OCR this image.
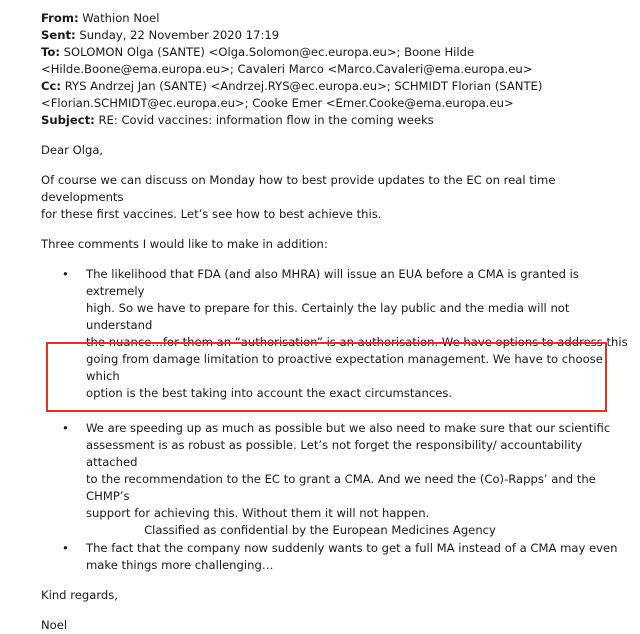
From: Wathion Noel
Sent: Sunday, 22 November 2020 17:19
To: SOLOMON Olga (SANTE) <Olga.Solomon@ec.europa.eu>; Boone Hilde
<Hilde.Boone@ema.europa.eu>; Cavaleri Marco <Marco.Cavaleri@ema.europa.eu>
Cc: RYS Andrzej Jan (SANTE) <Andrzej.RYS@ec.europa.eu>; SCHMIDT Florian (SANTE)
<Florian.SCHMIDT@ec.europa.eu>; Cooke Emer <Emer.Cooke@ema.europa.eu>
Subject: RE: Covid vaccines: information flow in the coming weeks
Dear Olga,
Of course we can discuss on Monday how to best provide updates to the EC on real time developments
for these first vaccines. Let’s see how to best achieve this.
Three comments I would like to make in addition:
• The likelihood that FDA (and also MHRA) will issue an EUA before a CMA is granted is extremely
high. So we have to prepare for this. Certainly the lay public and the media will not understand
the nuance…for them an “authorisation” is an authorisation. We have options to address this
going from damage limitation to proactive expectation management. We have to choose which
option is the best taking into account the exact circumstances.
• We are speeding up as much as possible but we also need to make sure that our scientific
assessment is as robust as possible. Let’s not forget the responsibility/ accountability attached
to the recommendation to the EC to grant a CMA. And we need the (Co)-Rapps’ and the CHMP’s
support for achieving this. Without them it will not happen.
• The fact that the company now suddenly wants to get a full MA instead of a CMA may even
make things more challenging…
Kind regards,
Noel
Classified as confidential by the European Medicines Agency
